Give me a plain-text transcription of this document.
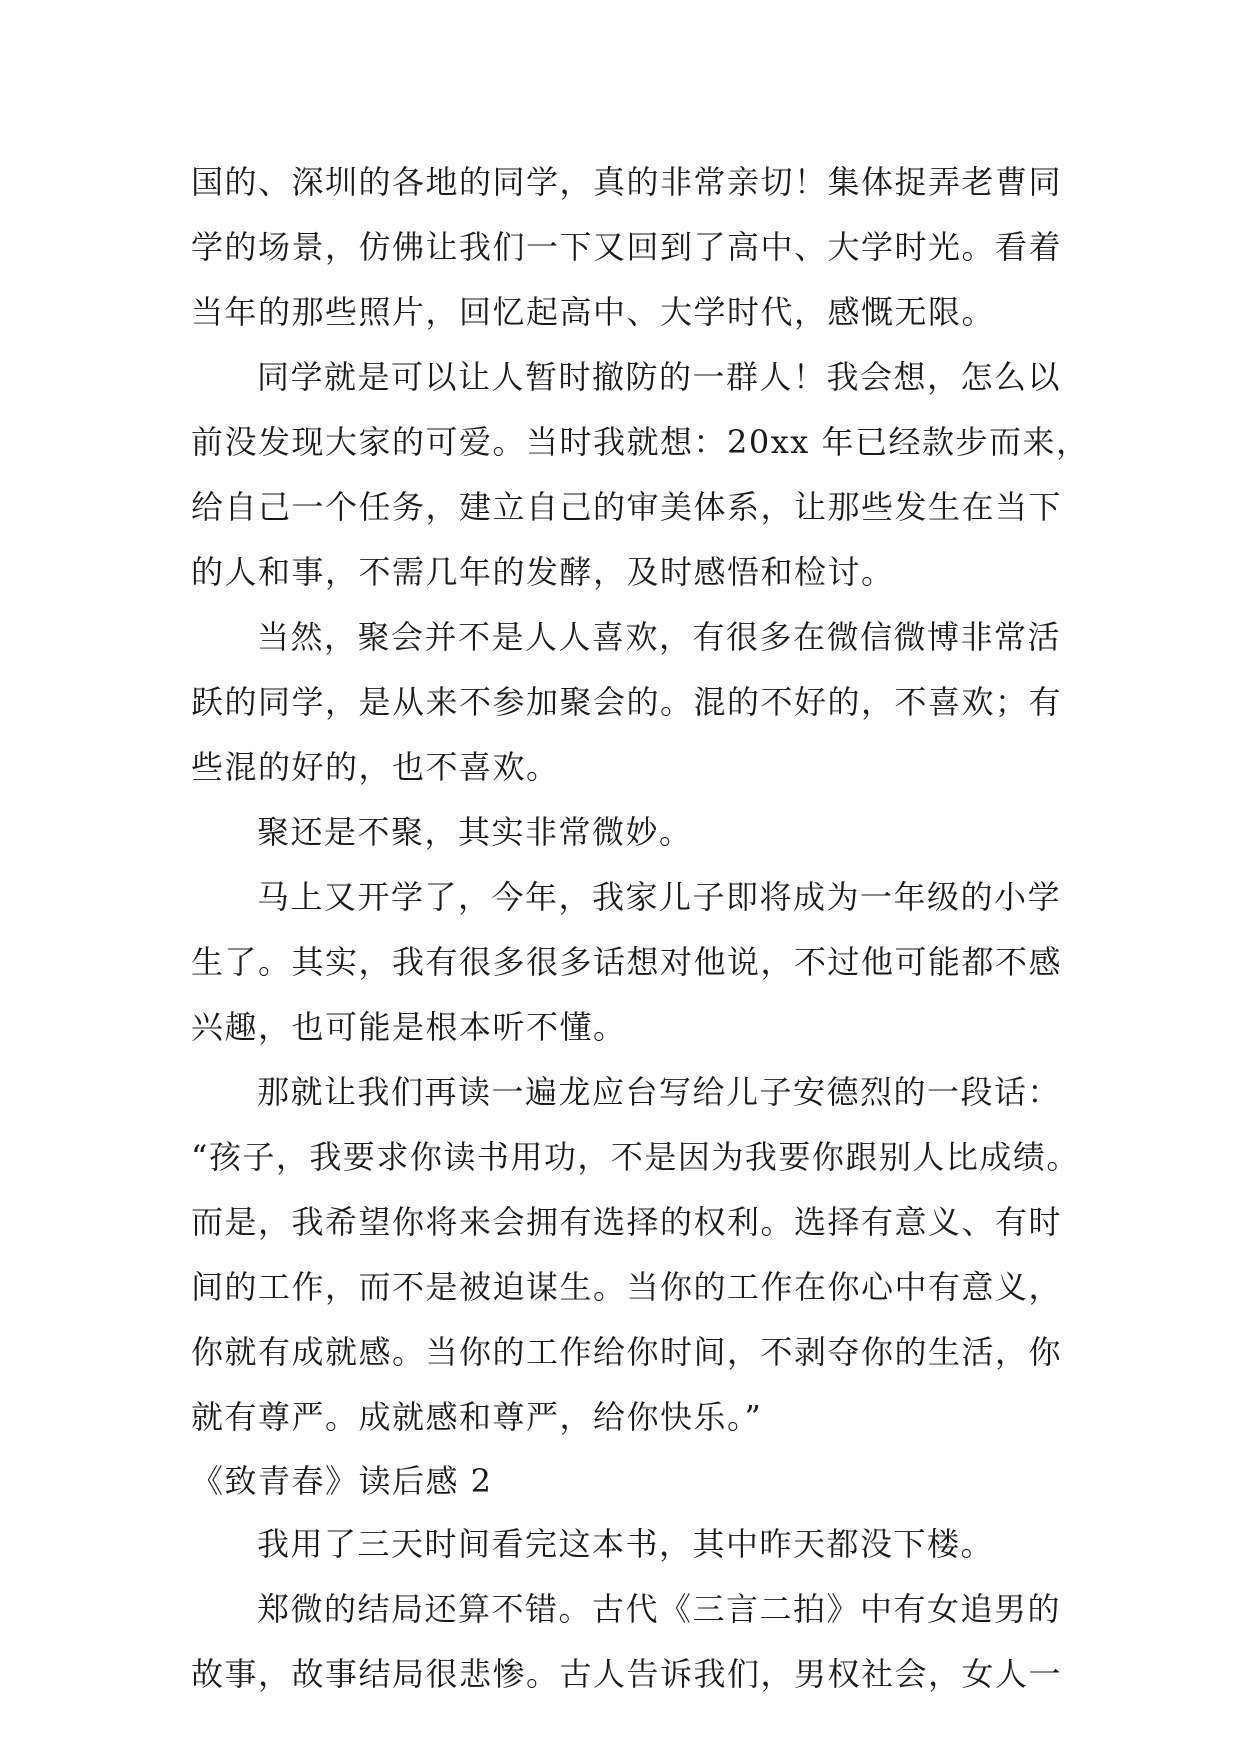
国的、深圳的各地的同学，真的非常亲切！集体捉弄老曹同
学的场景，仿佛让我们一下又回到了高中、大学时光。看着
当年的那些照片，回忆起高中、大学时代，感慨无限。
同学就是可以让人暂时撤防的一群人！我会想，怎么以
前没发现大家的可爱。当时我就想：20xx 年已经款步而来，
给自己一个任务，建立自己的审美体系，让那些发生在当下
的人和事，不需几年的发酵，及时感悟和检讨。
当然，聚会并不是人人喜欢，有很多在微信微博非常活
跃的同学，是从来不参加聚会的。混的不好的，不喜欢；有
些混的好的，也不喜欢。
聚还是不聚，其实非常微妙。
马上又开学了，今年，我家儿子即将成为一年级的小学
生了。其实，我有很多很多话想对他说，不过他可能都不感
兴趣，也可能是根本听不懂。
那就让我们再读一遍龙应台写给儿子安德烈的一段话：
“孩子，我要求你读书用功，不是因为我要你跟别人比成绩。
而是，我希望你将来会拥有选择的权利。选择有意义、有时
间的工作，而不是被迫谋生。当你的工作在你心中有意义，
你就有成就感。当你的工作给你时间，不剥夺你的生活，你
就有尊严。成就感和尊严，给你快乐。”
《致青春》读后感 2
我用了三天时间看完这本书，其中昨天都没下楼。
郑微的结局还算不错。古代《三言二拍》中有女追男的
故事，故事结局很悲惨。古人告诉我们，男权社会，女人一
